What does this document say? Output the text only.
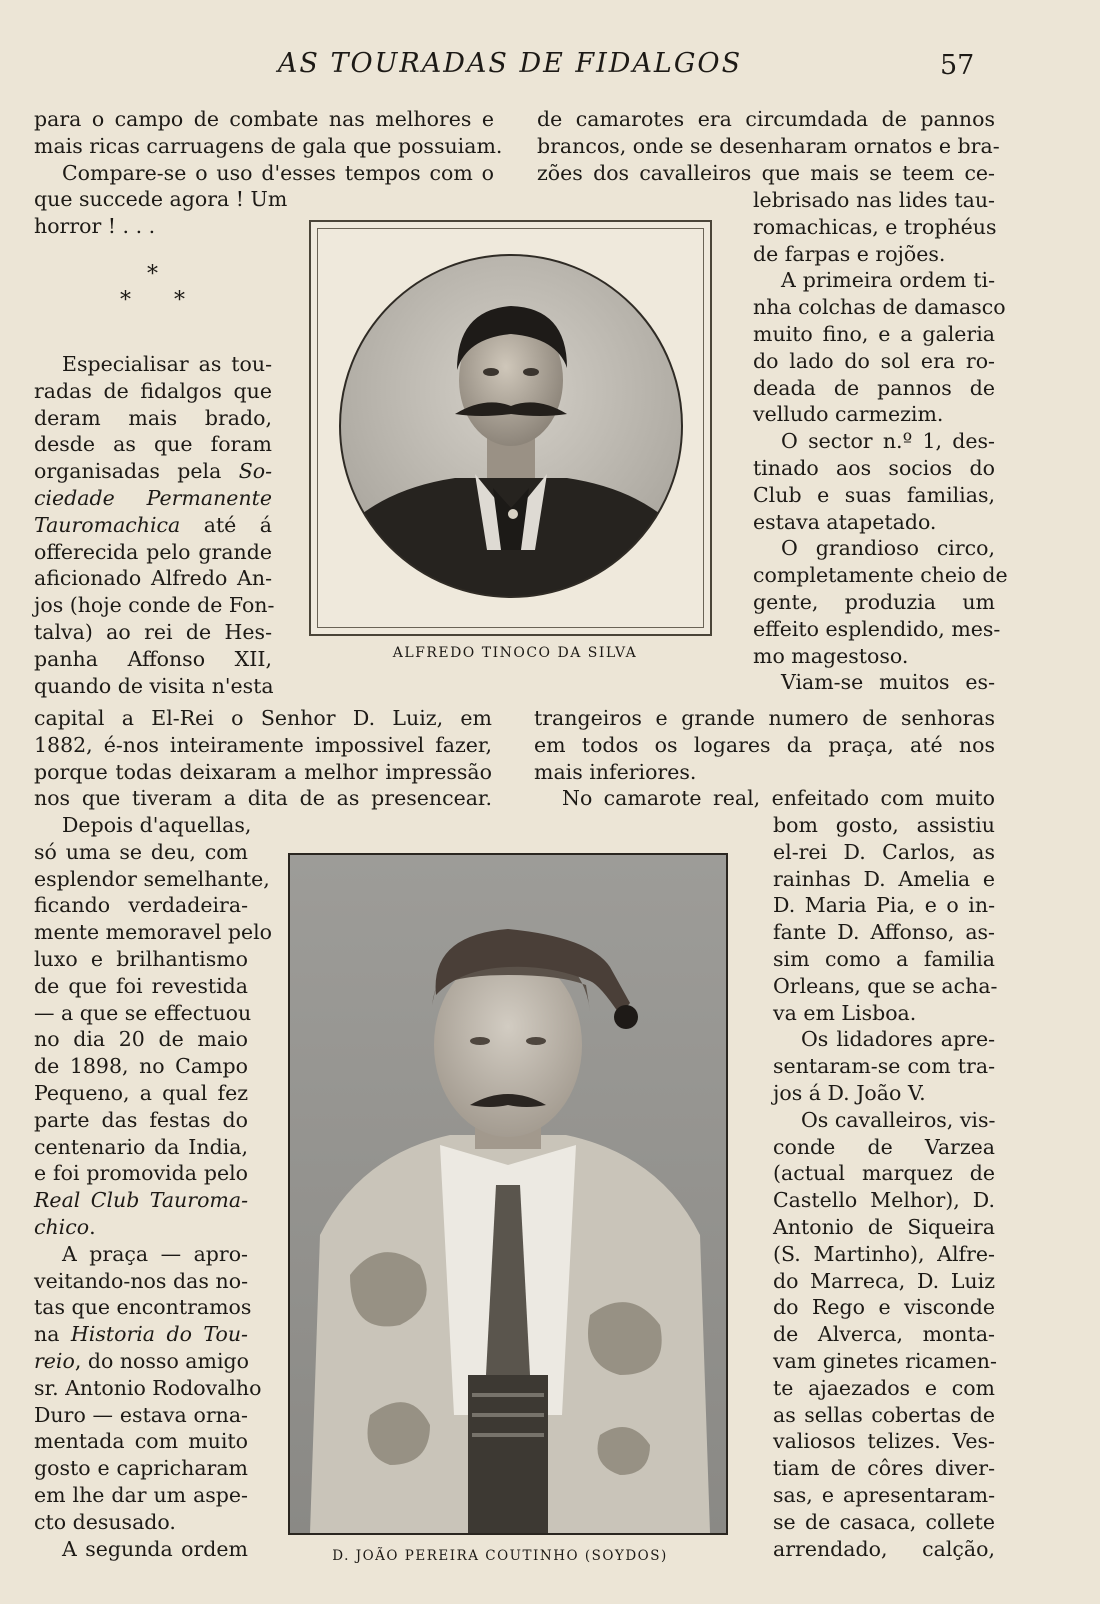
AS TOURADAS DE FIDALGOS	57
para o campo de combate nas melhores e
mais ricas carruagens de gala que possuiam.
Compare-se o uso d'esses tempos com o
que succede agora ! Um
horror ! . . .
*
* *
Especialisar as tou-
radas de fidalgos que
deram mais brado,
desde as que foram
organisadas pela So-
ciedade Permanente
Tauromachica até á
offerecida pelo grande
aficionado Alfredo An-
jos (hoje conde de Fon-
talva) ao rei de Hes-
panha Affonso XII,
quando de visita n'esta
capital a El-Rei o Senhor D. Luiz, em
1882, é-nos inteiramente impossivel fazer,
porque todas deixaram a melhor impressão
nos que tiveram a dita de as presencear.
Depois d'aquellas,
só uma se deu, com
esplendor semelhante,
ficando verdadeira-
mente memoravel pelo
luxo e brilhantismo
de que foi revestida
— a que se effectuou
no dia 20 de maio
de 1898, no Campo
Pequeno, a qual fez
parte das festas do
centenario da India,
e foi promovida pelo
Real Club Tauroma-
chico.
A praça — apro-
veitando-nos das no-
tas que encontramos
na Historia do Tou-
reio, do nosso amigo
sr. Antonio Rodovalho
Duro — estava orna-
mentada com muito
gosto e capricharam
em lhe dar um aspe-
cto desusado.
A segunda ordem
de camarotes era circumdada de pannos
brancos, onde se desenharam ornatos e bra-
zões dos cavalleiros que mais se teem ce-
lebrisado nas lides tau-
romachicas, e trophéus
de farpas e rojões.
A primeira ordem ti-
nha colchas de damasco
muito fino, e a galeria
do lado do sol era ro-
deada de pannos de
velludo carmezim.
O sector n.º 1, des-
tinado aos socios do
Club e suas familias,
estava atapetado.
O grandioso circo,
completamente cheio de
gente, produzia um
effeito esplendido, mes-
mo magestoso.
Viam-se muitos es-
trangeiros e grande numero de senhoras
em todos os logares da praça, até nos
mais inferiores.
No camarote real, enfeitado com muito
bom gosto, assistiu
el-rei D. Carlos, as
rainhas D. Amelia e
D. Maria Pia, e o in-
fante D. Affonso, as-
sim como a familia
Orleans, que se acha-
va em Lisboa.
Os lidadores apre-
sentaram-se com tra-
jos á D. João V.
Os cavalleiros, vis-
conde de Varzea
(actual marquez de
Castello Melhor), D.
Antonio de Siqueira
(S. Martinho), Alfre-
do Marreca, D. Luiz
do Rego e visconde
de Alverca, monta-
vam ginetes ricamen-
te ajaezados e com
as sellas cobertas de
valiosos telizes. Ves-
tiam de côres diver-
sas, e apresentaram-
se de casaca, collete
arrendado, calção,
ALFREDO TINOCO DA SILVA
D. JOÃO PEREIRA COUTINHO (SOYDOS)
